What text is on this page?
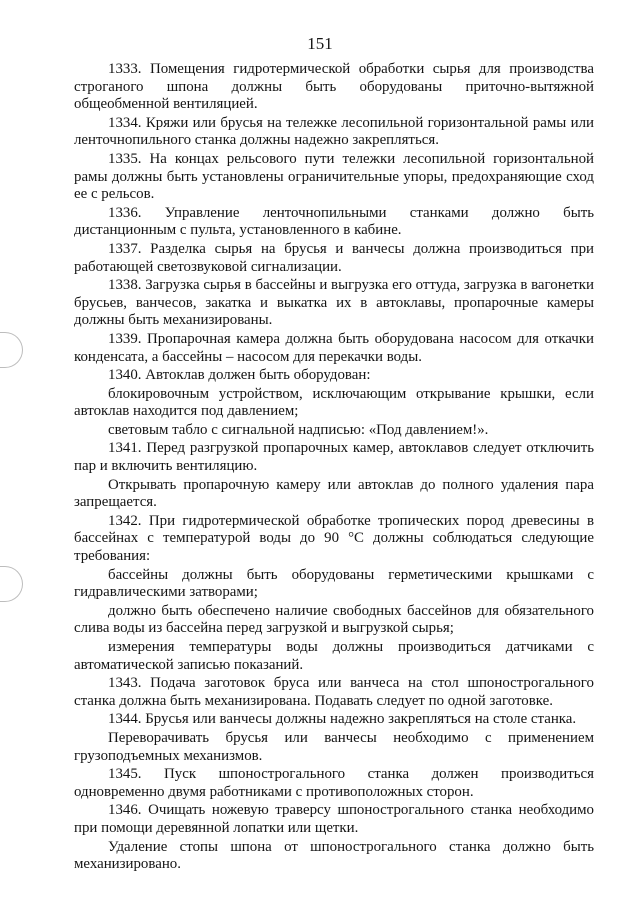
151

1333. Помещения гидротермической обработки сырья для производства строганого шпона должны быть оборудованы приточно-вытяжной общеобменной вентиляцией.

1334. Кряжи или брусья на тележке лесопильной горизонтальной рамы или ленточнопильного станка должны надежно закрепляться.

1335. На концах рельсового пути тележки лесопильной горизонтальной рамы должны быть установлены ограничительные упоры, предохраняющие сход ее с рельсов.

1336. Управление ленточнопильными станками должно быть дистанционным с пульта, установленного в кабине.

1337. Разделка сырья на брусья и ванчесы должна производиться при работающей светозвуковой сигнализации.

1338. Загрузка сырья в бассейны и выгрузка его оттуда, загрузка в вагонетки брусьев, ванчесов, закатка и выкатка их в автоклавы, пропарочные камеры должны быть механизированы.

1339. Пропарочная камера должна быть оборудована насосом для откачки конденсата, а бассейны – насосом для перекачки воды.

1340. Автоклав должен быть оборудован:

блокировочным устройством, исключающим открывание крышки, если автоклав находится под давлением;

световым табло с сигнальной надписью: «Под давлением!».

1341. Перед разгрузкой пропарочных камер, автоклавов следует отключить пар и включить вентиляцию.

Открывать пропарочную камеру или автоклав до полного удаления пара запрещается.

1342. При гидротермической обработке тропических пород древесины в бассейнах с температурой воды до 90 °С должны соблюдаться следующие требования:

бассейны должны быть оборудованы герметическими крышками с гидравлическими затворами;

должно быть обеспечено наличие свободных бассейнов для обязательного слива воды из бассейна перед загрузкой и выгрузкой сырья;

измерения температуры воды должны производиться датчиками с автоматической записью показаний.

1343. Подача заготовок бруса или ванчеса на стол шпонострогального станка должна быть механизирована. Подавать следует по одной заготовке.

1344. Брусья или ванчесы должны надежно закрепляться на столе станка.

Переворачивать брусья или ванчесы необходимо с применением грузоподъемных механизмов.

1345. Пуск шпонострогального станка должен производиться одновременно двумя работниками с противоположных сторон.

1346. Очищать ножевую траверсу шпонострогального станка необходимо при помощи деревянной лопатки или щетки.

Удаление стопы шпона от шпонострогального станка должно быть механизировано.
